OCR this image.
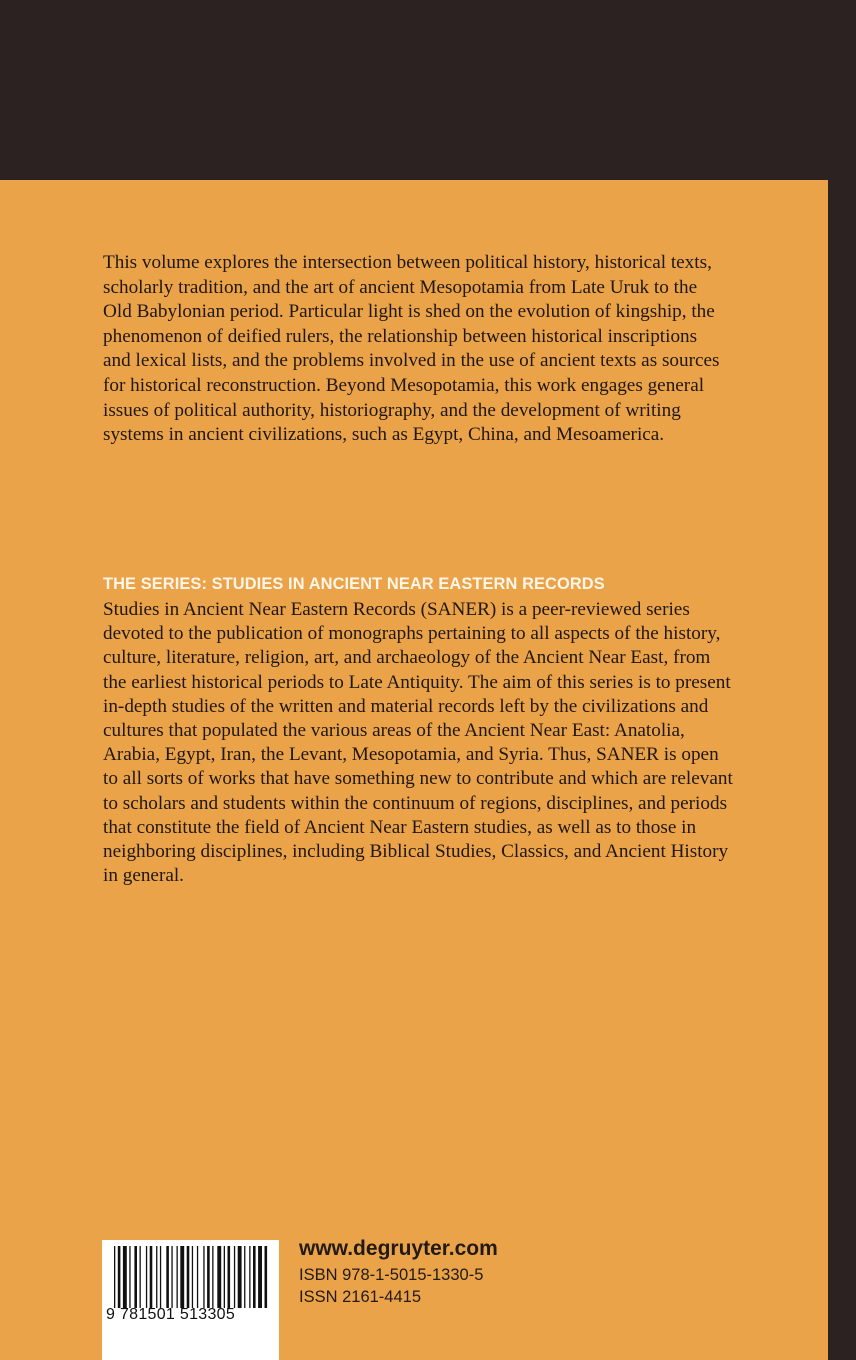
This volume explores the intersection between political history, historical texts, scholarly tradition, and the art of ancient Mesopotamia from Late Uruk to the Old Babylonian period. Particular light is shed on the evolution of kingship, the phenomenon of deified rulers, the relationship between historical inscriptions and lexical lists, and the problems involved in the use of ancient texts as sources for historical reconstruction. Beyond Mesopotamia, this work engages general issues of political authority, historiography, and the development of writing systems in ancient civilizations, such as Egypt, China, and Mesoamerica.

THE SERIES: STUDIES IN ANCIENT NEAR EASTERN RECORDS
Studies in Ancient Near Eastern Records (SANER) is a peer-reviewed series devoted to the publication of monographs pertaining to all aspects of the history, culture, literature, religion, art, and archaeology of the Ancient Near East, from the earliest historical periods to Late Antiquity. The aim of this series is to present in-depth studies of the written and material records left by the civilizations and cultures that populated the various areas of the Ancient Near East: Anatolia, Arabia, Egypt, Iran, the Levant, Mesopotamia, and Syria. Thus, SANER is open to all sorts of works that have something new to contribute and which are relevant to scholars and students within the continuum of regions, disciplines, and periods that constitute the field of Ancient Near Eastern studies, as well as to those in neighboring disciplines, including Biblical Studies, Classics, and Ancient History in general.
9 781501 513305
www.degruyter.com
ISBN 978-1-5015-1330-5
ISSN 2161-4415
